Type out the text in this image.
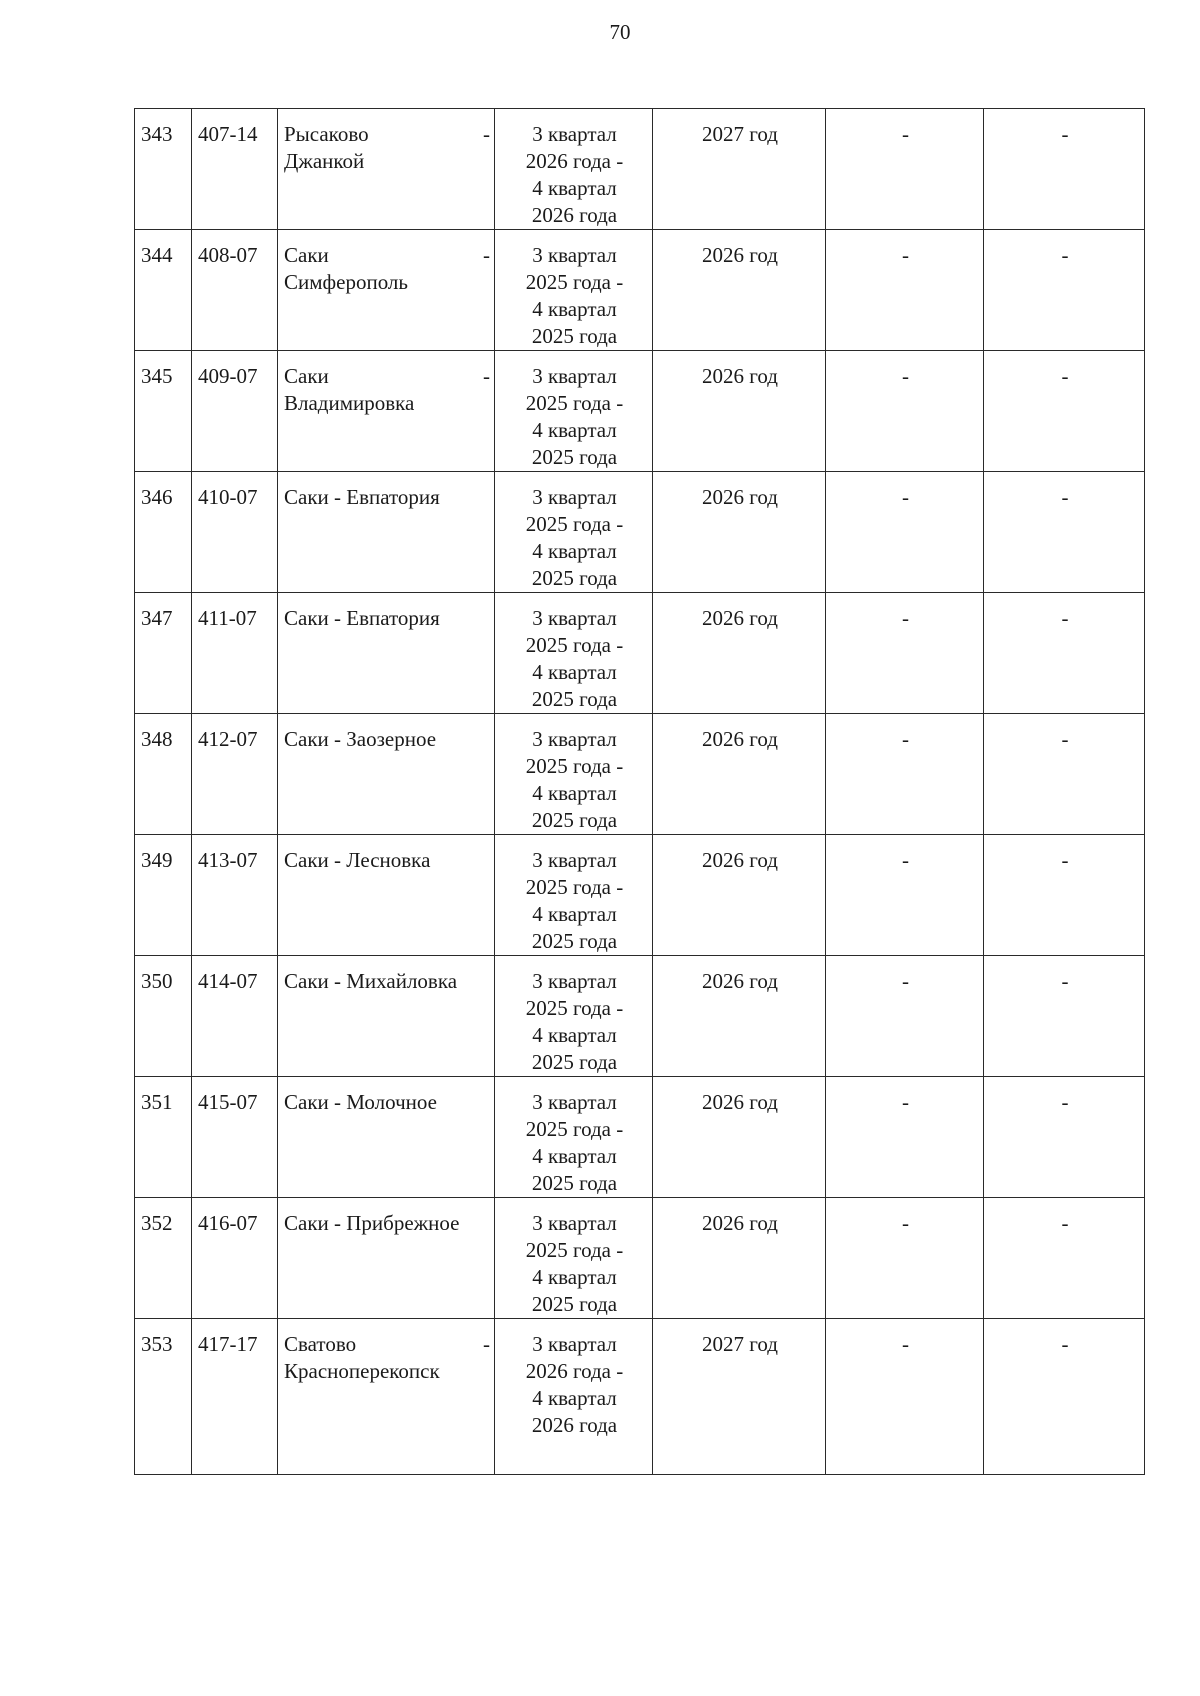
70
343	407-14	Рысаково -
Джанкой	3 квартал
2026 года -
4 квартал
2026 года	2027 год	-	-
344	408-07	Саки -
Симферополь	3 квартал
2025 года -
4 квартал
2025 года	2026 год	-	-
345	409-07	Саки -
Владимировка	3 квартал
2025 года -
4 квартал
2025 года	2026 год	-	-
346	410-07	Саки - Евпатория	3 квартал
2025 года -
4 квартал
2025 года	2026 год	-	-
347	411-07	Саки - Евпатория	3 квартал
2025 года -
4 квартал
2025 года	2026 год	-	-
348	412-07	Саки - Заозерное	3 квартал
2025 года -
4 квартал
2025 года	2026 год	-	-
349	413-07	Саки - Лесновка	3 квартал
2025 года -
4 квартал
2025 года	2026 год	-	-
350	414-07	Саки - Михайловка	3 квартал
2025 года -
4 квартал
2025 года	2026 год	-	-
351	415-07	Саки - Молочное	3 квартал
2025 года -
4 квартал
2025 года	2026 год	-	-
352	416-07	Саки - Прибрежное	3 квартал
2025 года -
4 квартал
2025 года	2026 год	-	-
353	417-17	Сватово -
Красноперекопск	3 квартал
2026 года -
4 квартал
2026 года	2027 год	-	-
